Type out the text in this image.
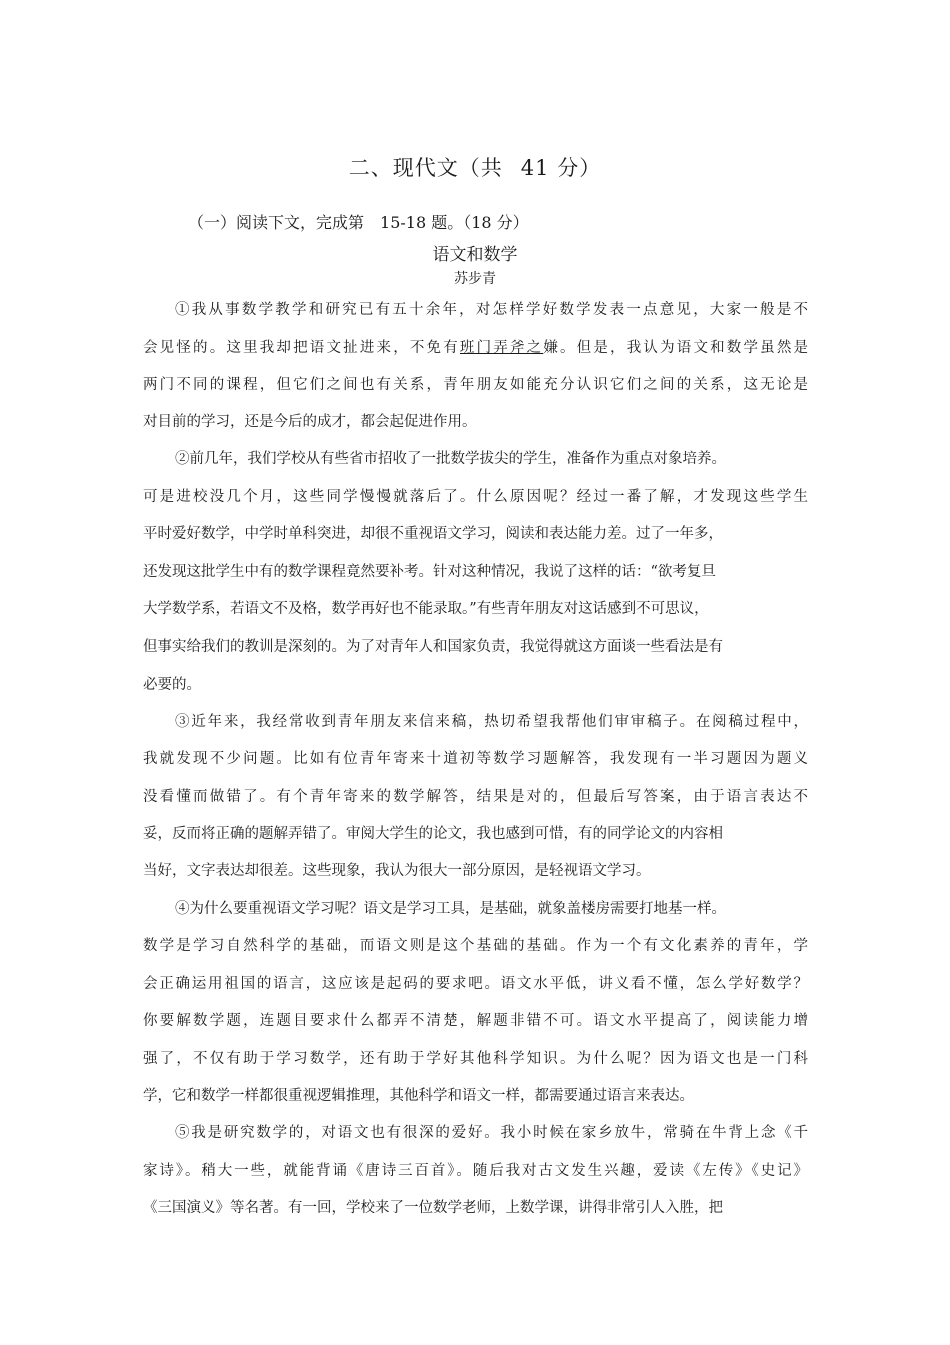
二、现代文（共 41 分）

（一）阅读下文，完成第 15-18 题。（18 分）

语文和数学

苏步青

①我从事数学教学和研究已有五十余年，对怎样学好数学发表一点意见，大家一般是不

会见怪的。这里我却把语文扯进来，不免有班门弄斧之嫌。但是，我认为语文和数学虽然是

两门不同的课程，但它们之间也有关系，青年朋友如能充分认识它们之间的关系，这无论是

对目前的学习，还是今后的成才，都会起促进作用。

②前几年，我们学校从有些省市招收了一批数学拔尖的学生，准备作为重点对象培养。

可是进校没几个月，这些同学慢慢就落后了。什么原因呢？经过一番了解，才发现这些学生

平时爱好数学，中学时单科突进，却很不重视语文学习，阅读和表达能力差。过了一年多，

还发现这批学生中有的数学课程竟然要补考。针对这种情况，我说了这样的话：“欲考复旦

大学数学系，若语文不及格，数学再好也不能录取。”有些青年朋友对这话感到不可思议，

但事实给我们的教训是深刻的。为了对青年人和国家负责，我觉得就这方面谈一些看法是有

必要的。

③近年来，我经常收到青年朋友来信来稿，热切希望我帮他们审审稿子。在阅稿过程中，

我就发现不少问题。比如有位青年寄来十道初等数学习题解答，我发现有一半习题因为题义

没看懂而做错了。有个青年寄来的数学解答，结果是对的，但最后写答案，由于语言表达不

妥，反而将正确的题解弄错了。审阅大学生的论文，我也感到可惜，有的同学论文的内容相

当好，文字表达却很差。这些现象，我认为很大一部分原因，是轻视语文学习。

④为什么要重视语文学习呢？语文是学习工具，是基础，就象盖楼房需要打地基一样。

数学是学习自然科学的基础，而语文则是这个基础的基础。作为一个有文化素养的青年，学

会正确运用祖国的语言，这应该是起码的要求吧。语文水平低，讲义看不懂，怎么学好数学？

你要解数学题，连题目要求什么都弄不清楚，解题非错不可。语文水平提高了，阅读能力增

强了，不仅有助于学习数学，还有助于学好其他科学知识。为什么呢？因为语文也是一门科

学，它和数学一样都很重视逻辑推理，其他科学和语文一样，都需要通过语言来表达。

⑤我是研究数学的，对语文也有很深的爱好。我小时候在家乡放牛，常骑在牛背上念《千

家诗》。稍大一些，就能背诵《唐诗三百首》。随后我对古文发生兴趣，爱读《左传》《史记》

《三国演义》等名著。有一回，学校来了一位数学老师，上数学课，讲得非常引人入胜，把
